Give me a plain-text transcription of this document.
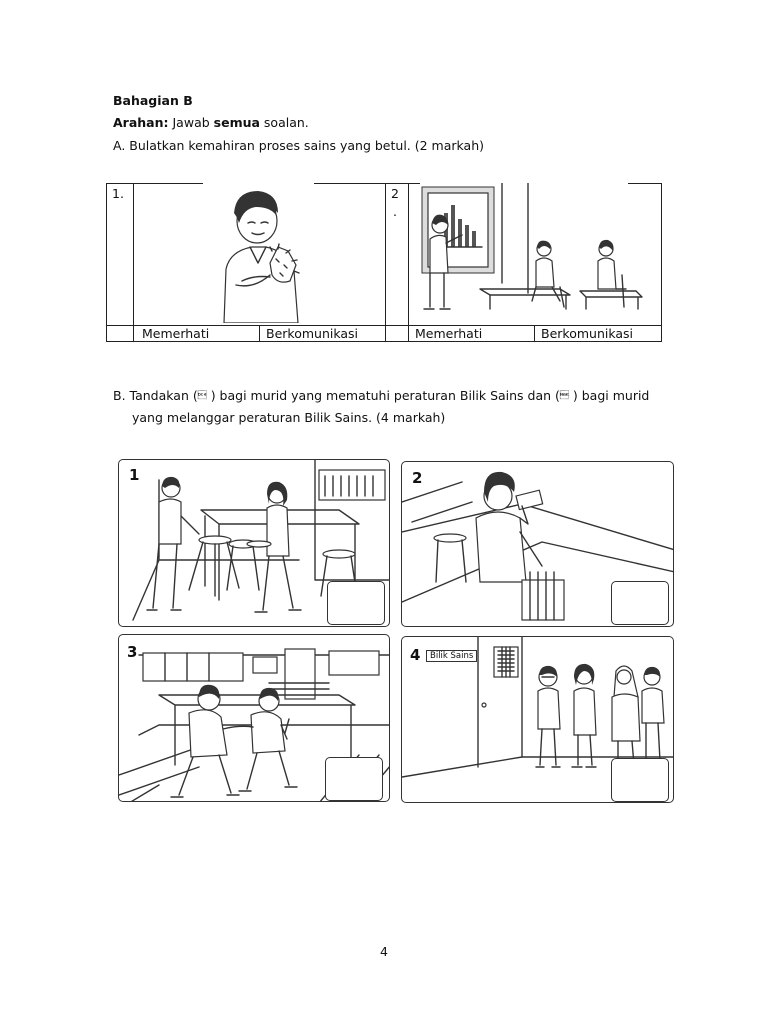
Bahagian B
Arahan: Jawab semua soalan.
A. Bulatkan kemahiran proses sains yang betul. (2 markah)
1.	2
.
Memerhati	Berkomunikasi	Memerhati	Berkomunikasi
B. Tandakan ( ) bagi murid yang mematuhi peraturan Bilik Sains dan ( ) bagi murid
yang melanggar peraturan Bilik Sains. (4 markah)
1	2
3	4	Bilik Sains
4
